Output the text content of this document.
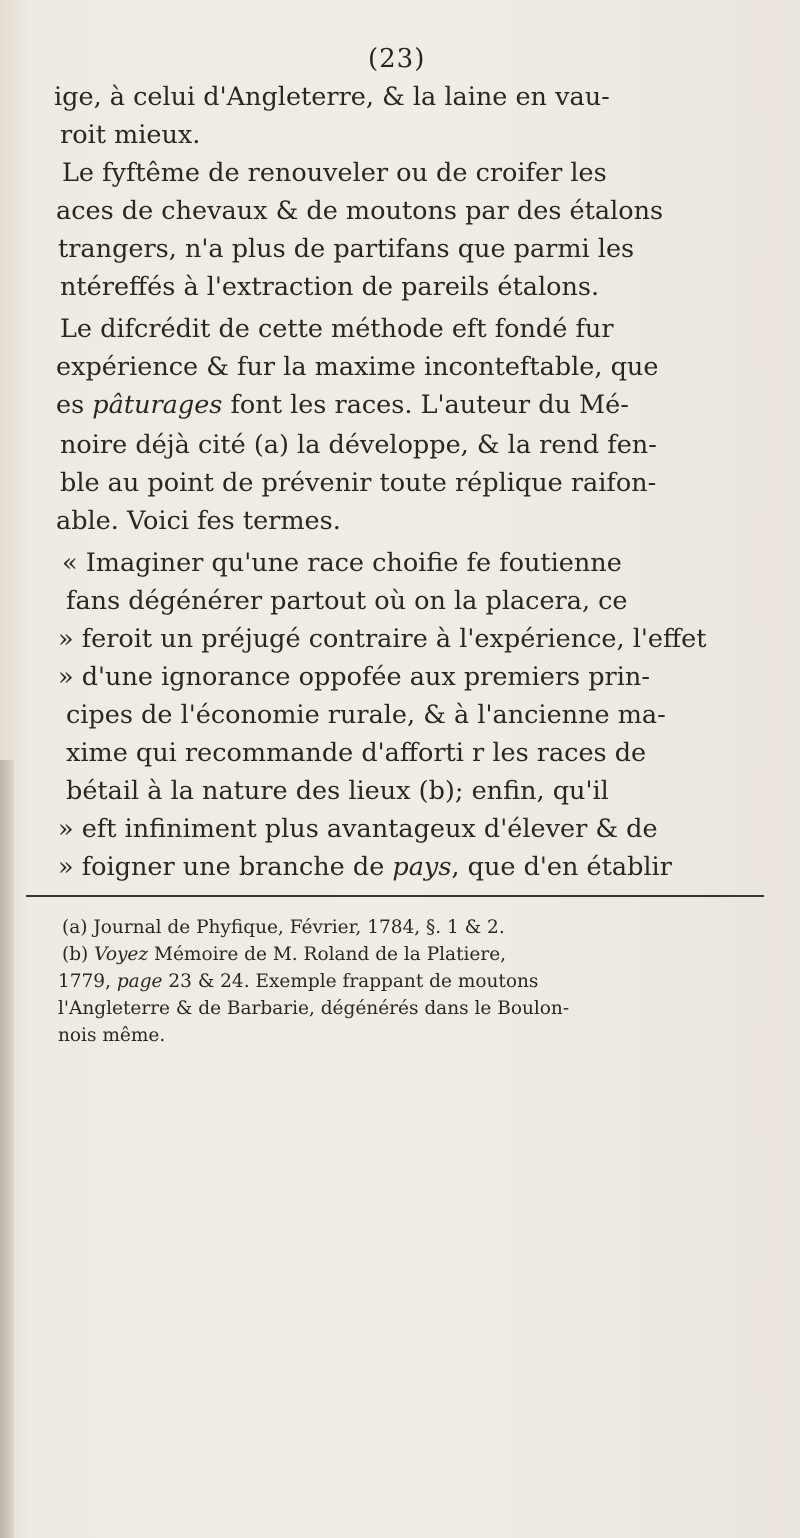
(23)
ige, à celui d'Angleterre, & la laine en vau-
roit mieux.
Le fyftême de renouveler ou de croifer les
aces de chevaux & de moutons par des étalons
trangers, n'a plus de partifans que parmi les
ntéreffés à l'extraction de pareils étalons.
Le difcrédit de cette méthode eft fondé fur
expérience & fur la maxime inconteftable, que
es pâturages font les races. L'auteur du Mé-
noire déjà cité (a) la développe, & la rend fen-
ble au point de prévenir toute réplique raifon-
able. Voici fes termes.
« Imaginer qu'une race choifie fe foutienne
fans dégénérer partout où on la placera, ce
» feroit un préjugé contraire à l'expérience, l'effet
» d'une ignorance oppofée aux premiers prin-
cipes de l'économie rurale, & à l'ancienne ma-
xime qui recommande d'afforti r les races de
bétail à la nature des lieux (b); enfin, qu'il
» eft infiniment plus avantageux d'élever & de
» foigner une branche de pays, que d'en établir
(a) Journal de Phyfique, Février, 1784, §. 1 & 2.
(b) Voyez Mémoire de M. Roland de la Platiere,
1779, page 23 & 24. Exemple frappant de moutons
l'Angleterre & de Barbarie, dégénérés dans le Boulon-
nois même.
